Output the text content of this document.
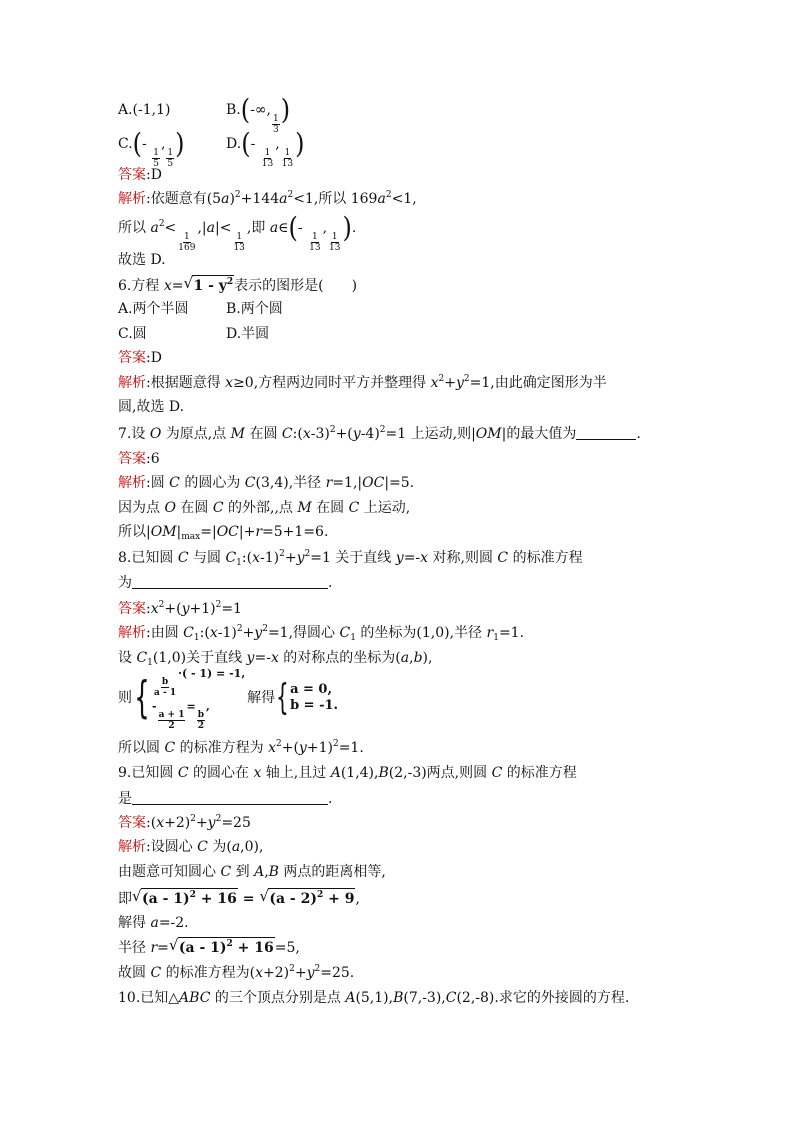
A.(-1,1)	B.(-∞,
$\frac{1}{3}$ )
C.(-
$\frac{1}{5}$
,
$\frac{1}{5}$ )	D.(-
$\frac{1}{13}$
,
$\frac{1}{13}$ )
答案:D
解析:依题意有$(5a)^2+144a^2<1$,所以 $169a^2<1$,
所以 $a^2<$
$\frac{1}{169}$
,|a|<
$\frac{1}{13}$
,即 a∈(-
$\frac{1}{13}$
,
$\frac{1}{13}$ ).
故选 D.
6.方程 x= √ $1 - y^2$表示的图形是(　　)
A.两个半圆	B.两个圆
C.圆	D.半圆
答案:D
解析:根据题意得 x≥0,方程两边同时平方并整理得 $x^2+y^2=1$,由此确定图形为半
圆,故选 D.
7.设 O 为原点,点 M 在圆 $C:(x-3)^2+(y-4)^2=1$ 上运动,则|OM|的最大值为	.
答案:6
解析:圆 C 的圆心为 C(3,4),半径 r=1,|OC|=5.
因为点 O 在圆 C 的外部,,点 M 在圆 C 上运动,
所以$|OM|_{max}=|OC|+r=5+1=6$.
8.已知圆 C 与圆 $C_1:(x-1)^2+y^2=1$ 关于直线 y=-x 对称,则圆 C 的标准方程
为	.
答案$:x^2+(y+1)^2=1$
解析:由圆 $C_1:(x-1)^2+y^2=1$,得圆心 $C_1$ 的坐标为(1,0),半径 $r_1=1$.
设 $C_1(1,0)$关于直线 y=-x 的对称点的坐标为(a,b),
则 { $\frac{b}{a - 1}$
·( - 1) = -1,
-
$\frac{a + 1}{2}$
=
$\frac{b}{2}$
,
解得 { a = 0,
b = -1.
所以圆 C 的标准方程为 $x^2+(y+1)^2=1$.
9.已知圆 C 的圆心在 x 轴上,且过 A(1,4),B(2,-3)两点,则圆 C 的标准方程
是	.
答案$:(x+2)^2+y^2=25$
解析:设圆心 C 为(a,0),
由题意可知圆心 C 到 A,B 两点的距离相等,
即 √ (a - 1)$^2$ + 16 = √ (a - 2)$^2$ + 9,
解得 a=-2.
半径 r= √ (a - 1)$^2$ + 16=5,
故圆 C 的标准方程为$(x+2)^2+y^2=25$.
10.已知△ABC 的三个顶点分别是点 A(5,1),B(7,-3),C(2,-8).求它的外接圆的方程.
